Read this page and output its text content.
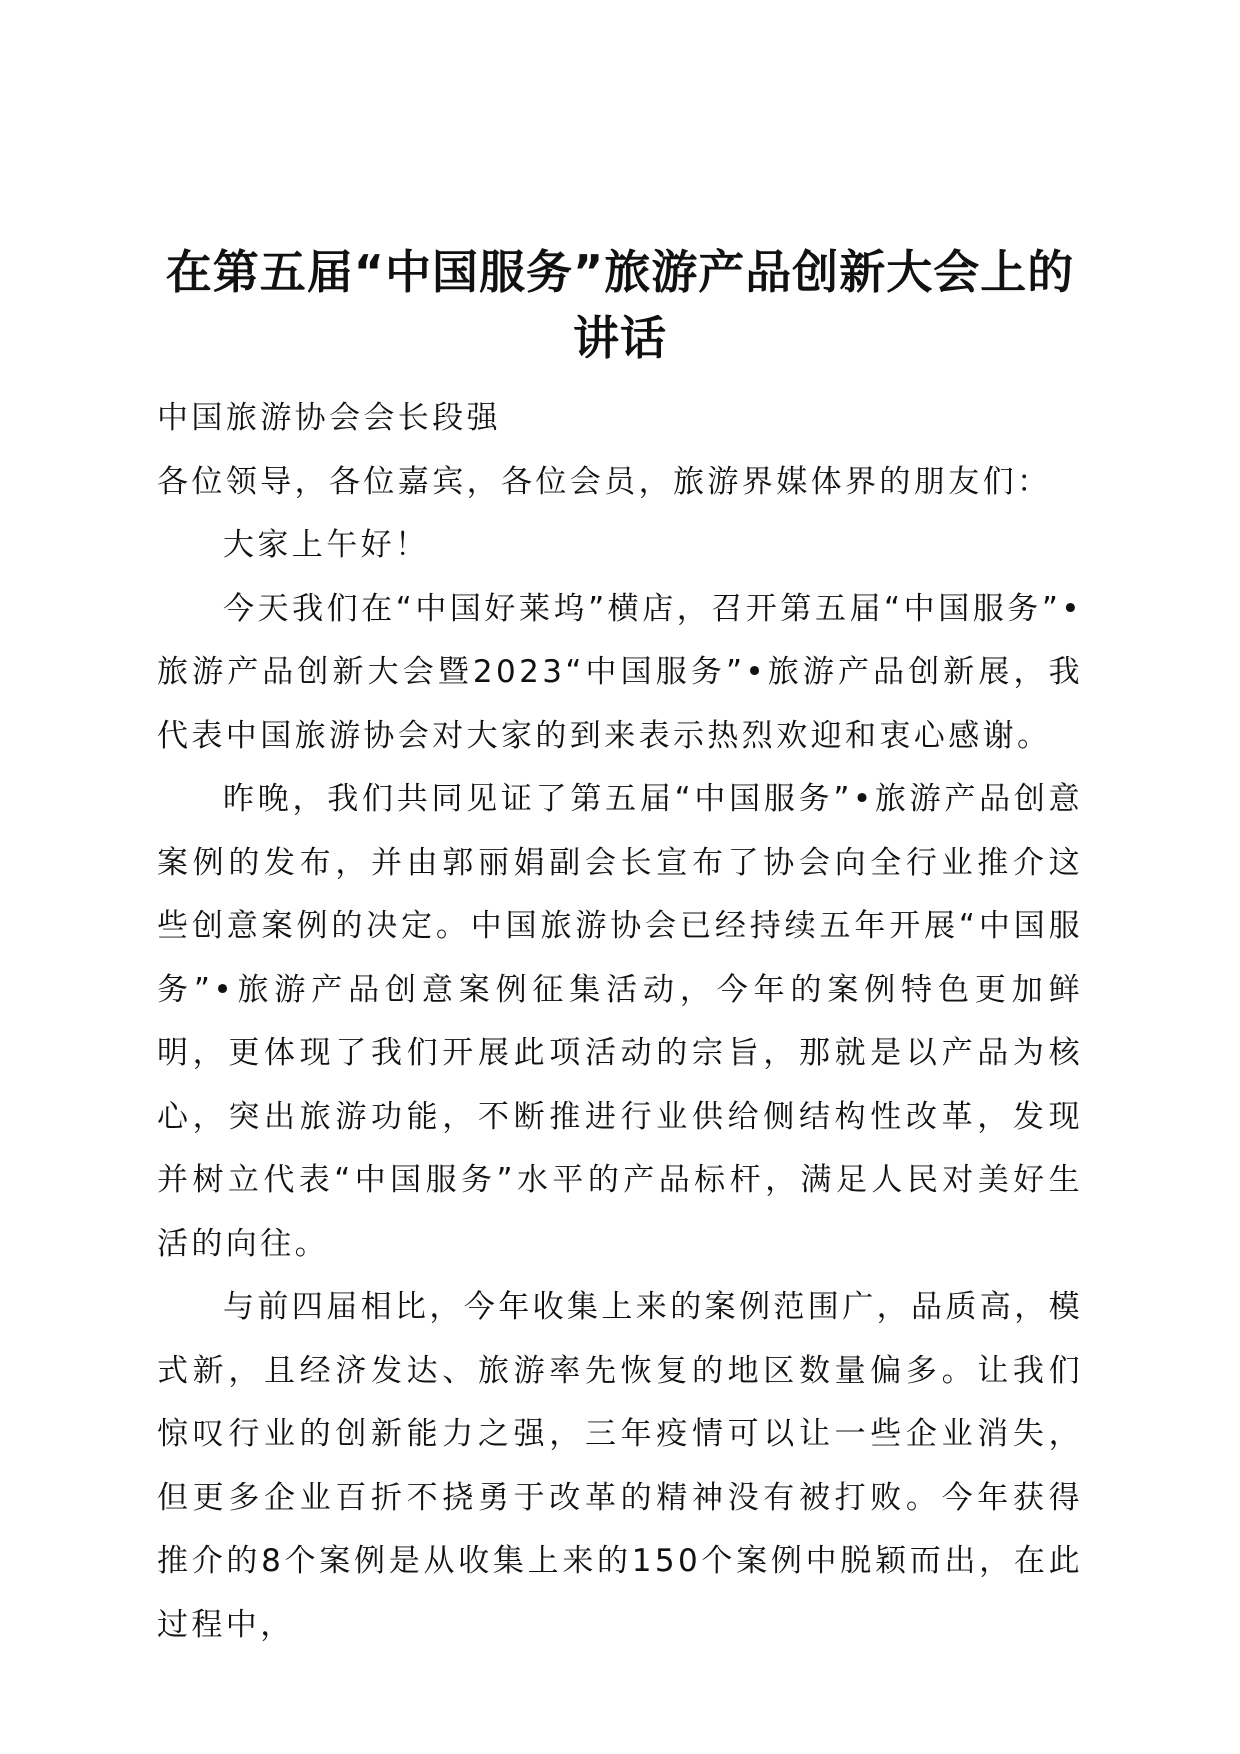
在第五届“中国服务”旅游产品创新大会上的讲话

中国旅游协会会长段强

各位领导，各位嘉宾，各位会员，旅游界媒体界的朋友们：

大家上午好！

今天我们在“中国好莱坞”横店，召开第五届“中国服务”•旅游产品创新大会暨2023“中国服务”•旅游产品创新展，我代表中国旅游协会对大家的到来表示热烈欢迎和衷心感谢。

昨晚，我们共同见证了第五届“中国服务”•旅游产品创意案例的发布，并由郭丽娟副会长宣布了协会向全行业推介这些创意案例的决定。中国旅游协会已经持续五年开展“中国服务”•旅游产品创意案例征集活动，今年的案例特色更加鲜明，更体现了我们开展此项活动的宗旨，那就是以产品为核心，突出旅游功能，不断推进行业供给侧结构性改革，发现并树立代表“中国服务”水平的产品标杆，满足人民对美好生活的向往。

与前四届相比，今年收集上来的案例范围广，品质高，模式新，且经济发达、旅游率先恢复的地区数量偏多。让我们惊叹行业的创新能力之强，三年疫情可以让一些企业消失，但更多企业百折不挠勇于改革的精神没有被打败。今年获得推介的8个案例是从收集上来的150个案例中脱颖而出，在此过程中，
